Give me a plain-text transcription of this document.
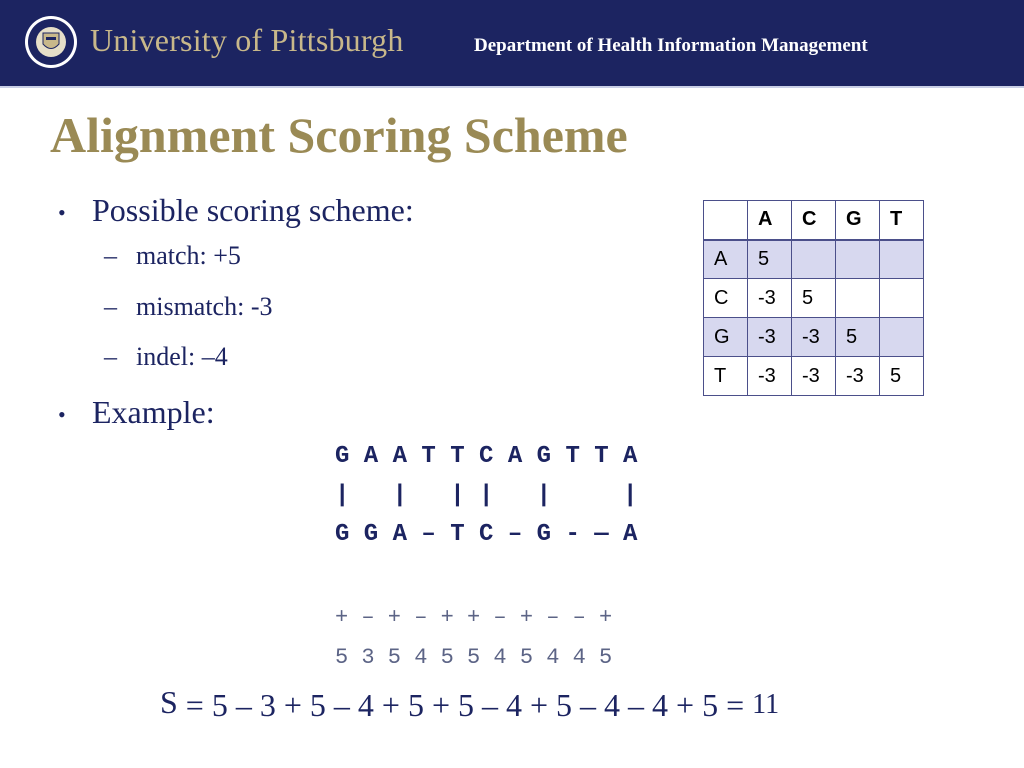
University of Pittsburgh	Department of Health Information Management
Alignment Scoring Scheme
• Possible scoring scheme:
– match: +5
– mismatch: -3
– indel: –4
• Example:
G A A T T C A G T T A
|   |   | |   |     |
G G A – T C – G - — A
+ – + – + + – + – – +
5 3 5 4 5 5 4 5 4 4 5
S = 5 – 3 + 5 – 4 + 5 + 5 – 4 + 5 – 4 – 4 + 5 = 11
	A	C	G	T
A	5			
C	-3	5		
G	-3	-3	5	
T	-3	-3	-3	5
